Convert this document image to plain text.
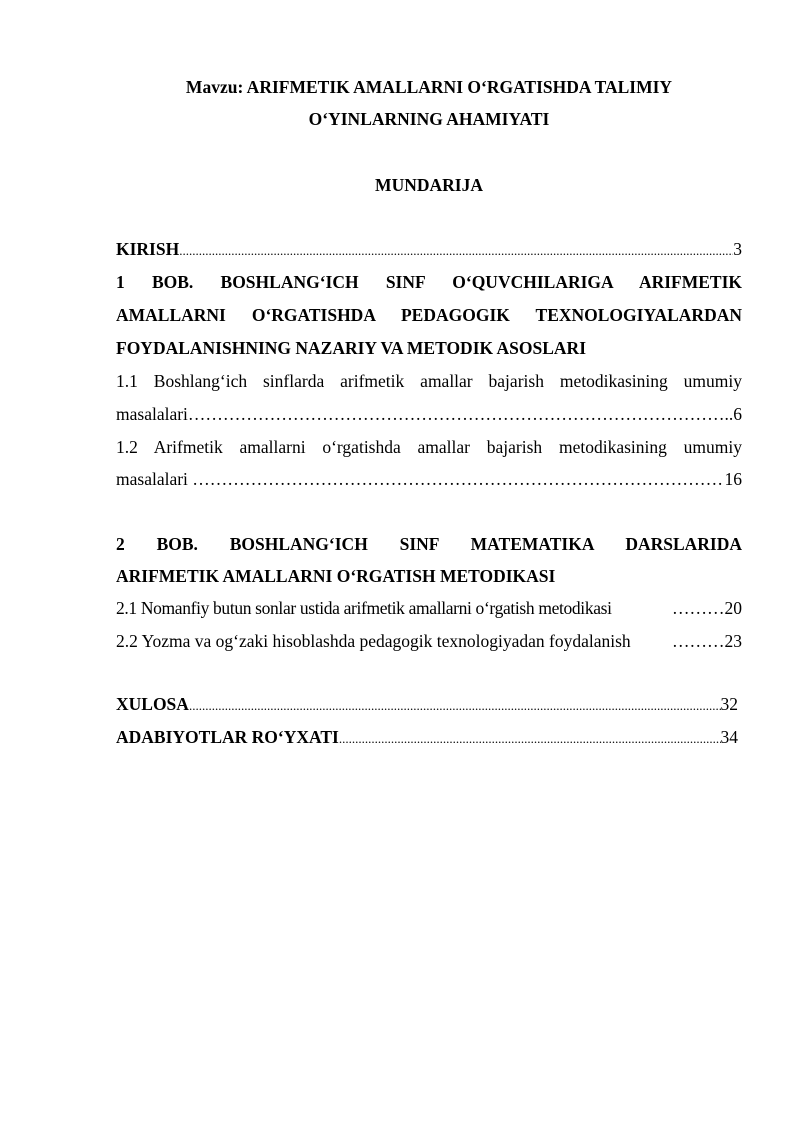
Mavzu: ARIFMETIK AMALLARNI O‘RGATISHDA TALIMIY
O‘YINLARNING AHAMIYATI
MUNDARIJA
KIRISH .....	3
1 BOB. BOSHLANG‘ICH SINF O‘QUVCHILARIGA ARIFMETIK
AMALLARNI O‘RGATISHDA PEDAGOGIK TEXNOLOGIYALARDAN
FOYDALANISHNING NAZARIY VA METODIK ASOSLARI
1.1 Boshlang‘ich sinflarda arifmetik amallar bajarish metodikasining umumiy
masalalari …………………………………………………………………………………………………………………………………………………………………………………	..6
1.2 Arifmetik amallarni o‘rgatishda amallar bajarish metodikasining umumiy
masalalari …………………………………………………………………………………………………………………………………………………………………………………	16
2 BOB. BOSHLANG‘ICH SINF MATEMATIKA DARSLARIDA
ARIFMETIK AMALLARNI O‘RGATISH METODIKASI
2.1 Nomanfiy butun sonlar ustida arifmetik amallarni o‘rgatish metodikasi	………20
2.2 Yozma va og‘zaki hisoblashda pedagogik texnologiyadan foydalanish ………23
XULOSA .....	32
ADABIYOTLAR RO‘YXATI .....	34
